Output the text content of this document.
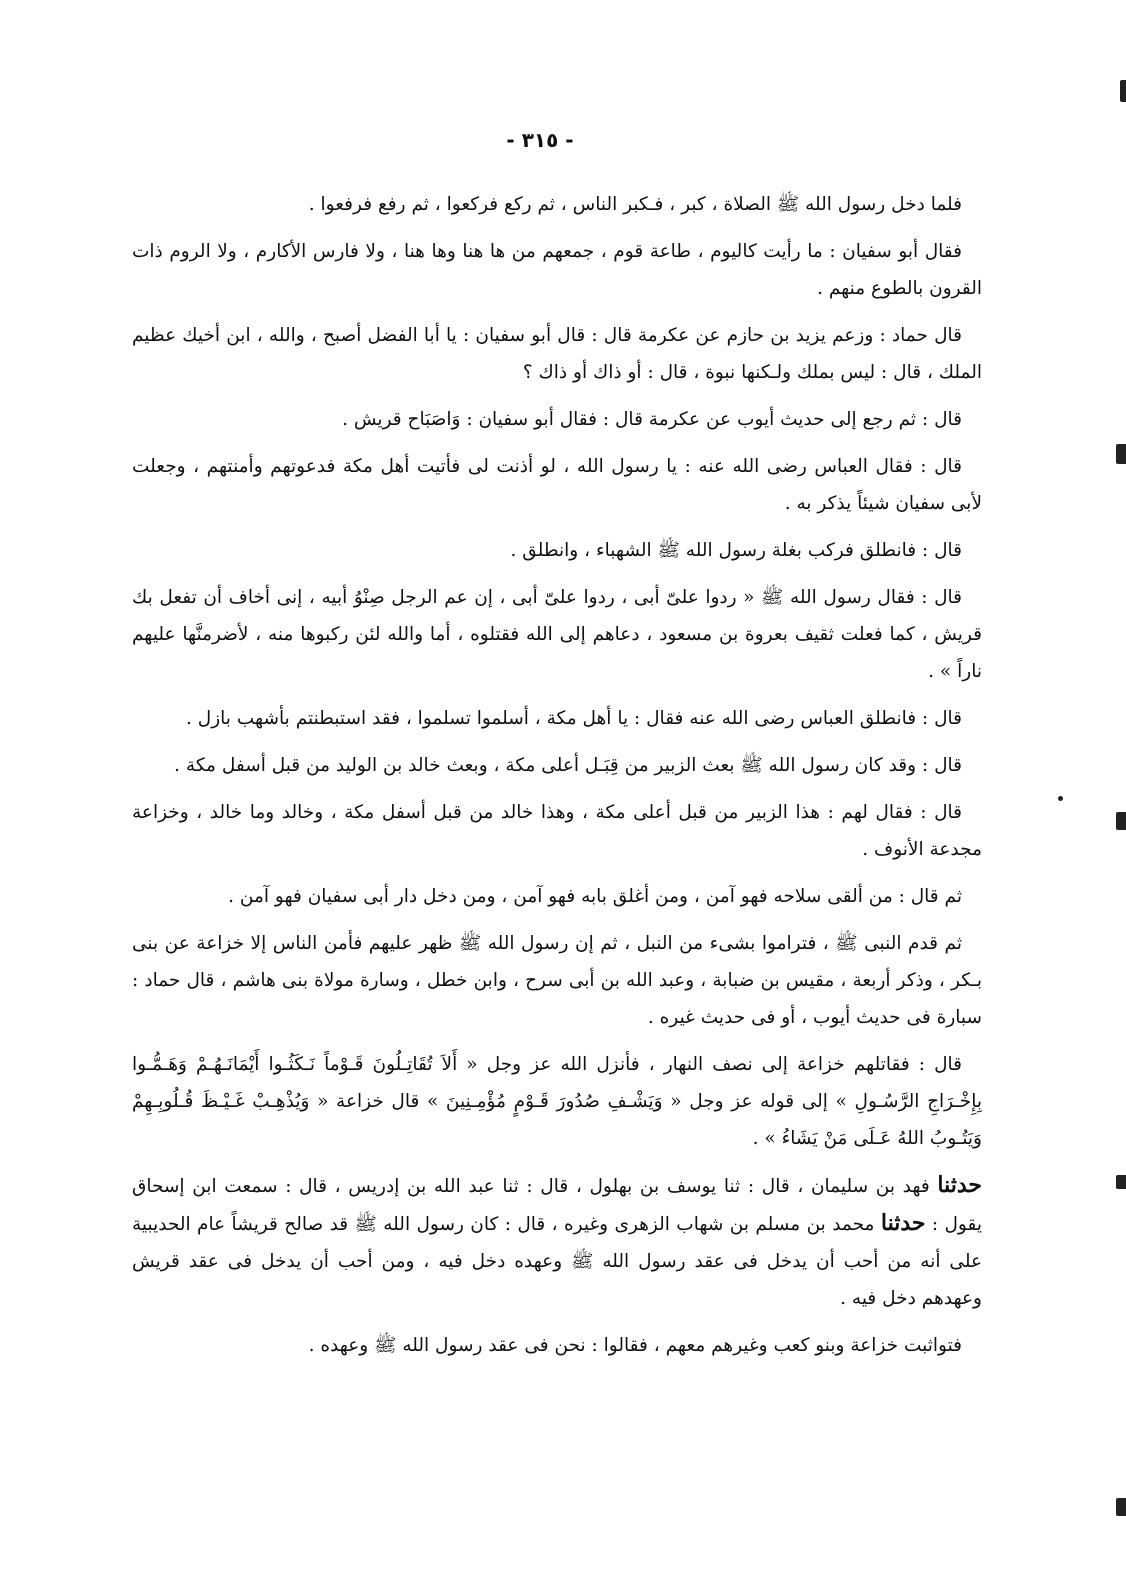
- ٣١٥ -

فلما دخل رسول الله ﷺ الصلاة ، كبر ، فـكبر الناس ، ثم ركع فركعوا ، ثم رفع فرفعوا .

فقال أبو سفيان : ما رأيت كاليوم ، طاعة قوم ، جمعهم من ها هنا وها هنا ، ولا فارس الأكارم ، ولا الروم ذات القرون بالطوع منهم .

قال حماد : وزعم يزيد بن حازم عن عكرمة قال : قال أبو سفيان : يا أبا الفضل أصبح ، والله ، ابن أخيك عظيم الملك ، قال : ليس بملك ولـكنها نبوة ، قال : أو ذاك أو ذاك ؟

قال : ثم رجع إلى حديث أيوب عن عكرمة قال : فقال أبو سفيان : وَاصَبَاح قريش .

قال : فقال العباس رضى الله عنه : يا رسول الله ، لو أذنت لى فأتيت أهل مكة فدعوتهم وأمنتهم ، وجعلت لأبى سفيان شيئاً يذكر به .

قال : فانطلق فركب بغلة رسول الله ﷺ الشهباء ، وانطلق .

قال : فقال رسول الله ﷺ « ردوا علىّ أبى ، ردوا علىّ أبى ، إن عم الرجل صِنْوُ أبيه ، إنى أخاف أن تفعل بك قريش ، كما فعلت ثقيف بعروة بن مسعود ، دعاهم إلى الله فقتلوه ، أما والله لئن ركبوها منه ، لأضرمنَّها عليهم ناراً » .

قال : فانطلق العباس رضى الله عنه فقال : يا أهل مكة ، أسلموا تسلموا ، فقد استبطنتم بأشهب بازل .

قال : وقد كان رسول الله ﷺ بعث الزبير من قِبَـل أعلى مكة ، وبعث خالد بن الوليد من قبل أسفل مكة .

قال : فقال لهم : هذا الزبير من قبل أعلى مكة ، وهذا خالد من قبل أسفل مكة ، وخالد وما خالد ، وخزاعة مجدعة الأنوف .

ثم قال : من ألقى سلاحه فهو آمن ، ومن أغلق بابه فهو آمن ، ومن دخل دار أبى سفيان فهو آمن .

ثم قدم النبى ﷺ ، فتراموا بشىء من النبل ، ثم إن رسول الله ﷺ ظهر عليهم فأمن الناس إلا خزاعة عن بنى بـكر ، وذكر أربعة ، مقيس بن ضبابة ، وعبد الله بن أبى سرح ، وابن خطل ، وسارة مولاة بنى هاشم ، قال حماد : سبارة فى حديث أيوب ، أو فى حديث غيره .

قال : فقاتلهم خزاعة إلى نصف النهار ، فأنزل الله عز وجل « أَلاَ تُقَاتِـلُونَ قَـوْماً نَـكَثُـوا أَيْمَانَـهُـمْ وَهَـمُّـوا بِإِخْـرَاجِ الرَّسُـولِ » إلى قوله عز وجل « وَيَشْـفِ صُدُورَ قَـوْمٍ مُؤْمِـنِينَ » قال خزاعة « وَيُذْهِـبْ غَـيْـظَ قُـلُوبِـهِمْ وَيَتُـوبُ اللهُ عَـلَى مَنْ يَشَاءُ » .

حدثنا فهد بن سليمان ، قال : ثنا يوسف بن بهلول ، قال : ثنا عبد الله بن إدريس ، قال : سمعت ابن إسحاق يقول : حدثنا محمد بن مسلم بن شهاب الزهرى وغيره ، قال : كان رسول الله ﷺ قد صالح قريشاً عام الحديبية على أنه من أحب أن يدخل فى عقد رسول الله ﷺ وعهده دخل فيه ، ومن أحب أن يدخل فى عقد قريش وعهدهم دخل فيه .

فتواثبت خزاعة وبنو كعب وغيرهم معهم ، فقالوا : نحن فى عقد رسول الله ﷺ وعهده .
